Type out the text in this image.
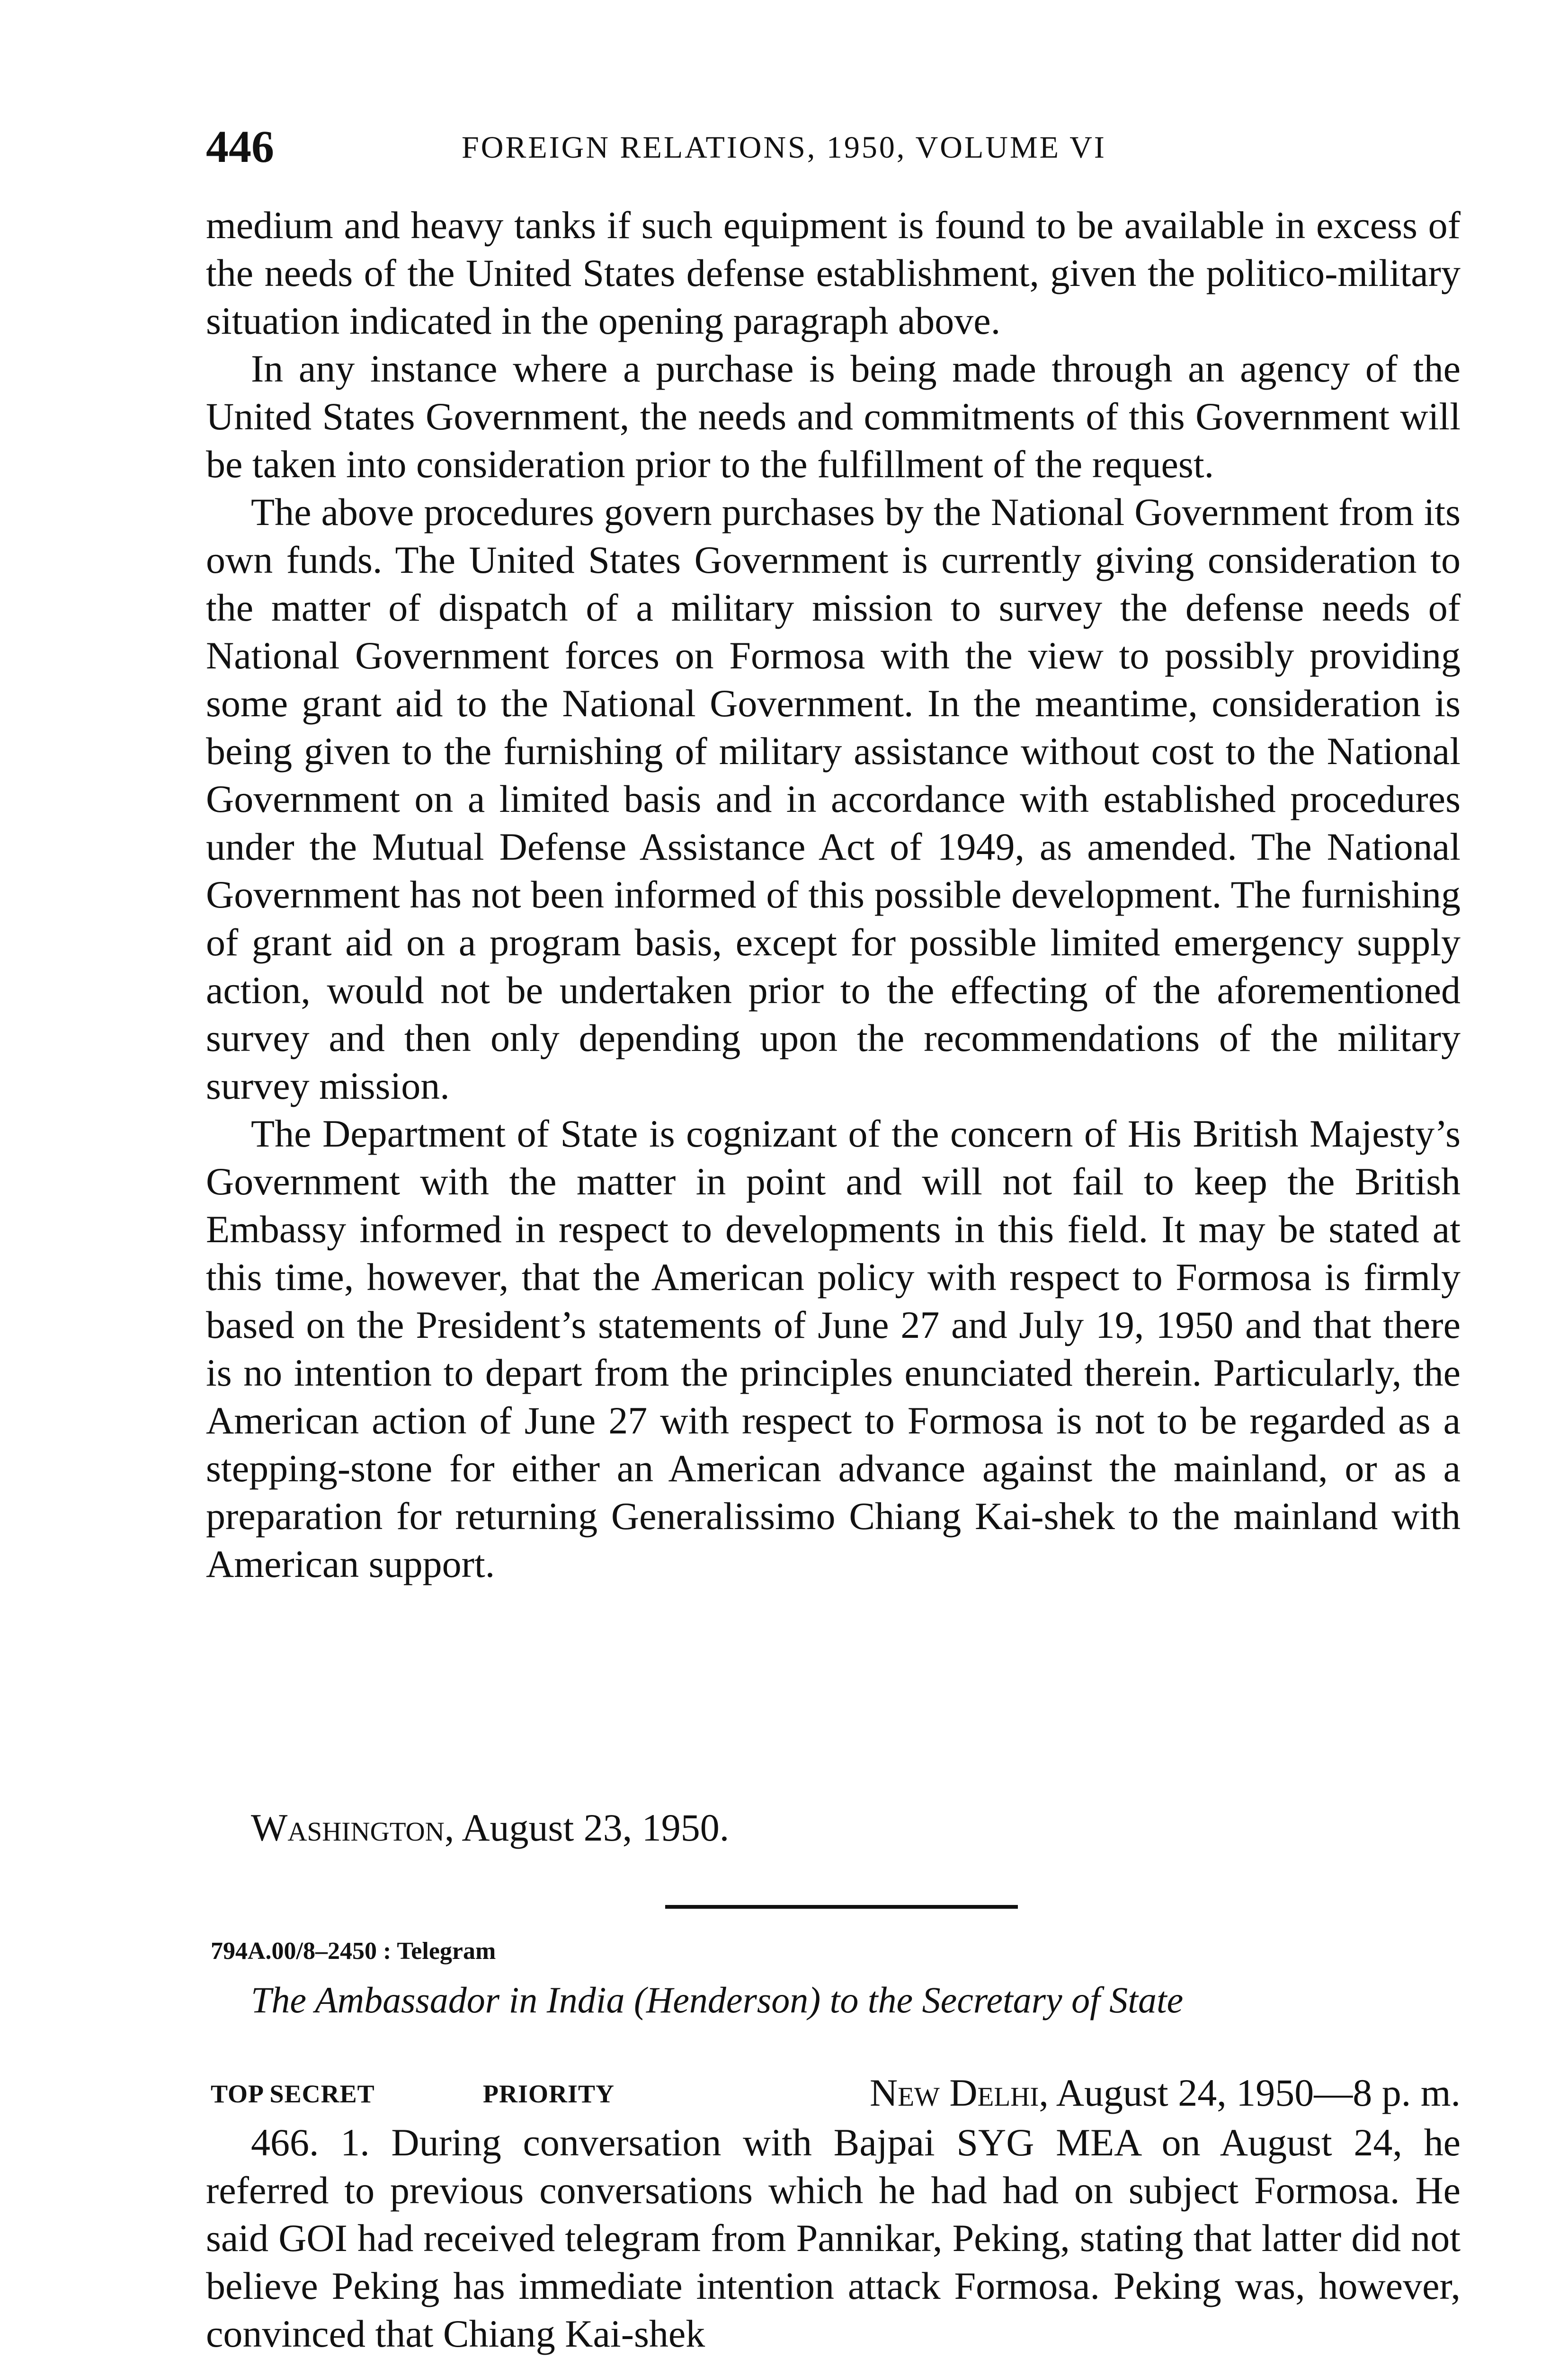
446	FOREIGN RELATIONS, 1950, VOLUME VI

medium and heavy tanks if such equipment is found to be available in excess of the needs of the United States defense establishment, given the politico-military situation indicated in the opening paragraph above.

In any instance where a purchase is being made through an agency of the United States Government, the needs and commitments of this Government will be taken into consideration prior to the fulfillment of the request.

The above procedures govern purchases by the National Government from its own funds. The United States Government is currently giving consideration to the matter of dispatch of a military mission to survey the defense needs of National Government forces on Formosa with the view to possibly providing some grant aid to the National Government. In the meantime, consideration is being given to the furnishing of military assistance without cost to the National Government on a limited basis and in accordance with established procedures under the Mutual Defense Assistance Act of 1949, as amended. The National Government has not been informed of this possible development. The furnishing of grant aid on a program basis, except for possible limited emergency supply action, would not be undertaken prior to the effecting of the aforementioned survey and then only depending upon the recommendations of the military survey mission.

The Department of State is cognizant of the concern of His British Majesty’s Government with the matter in point and will not fail to keep the British Embassy informed in respect to developments in this field. It may be stated at this time, however, that the American policy with respect to Formosa is firmly based on the President’s statements of June 27 and July 19, 1950 and that there is no intention to depart from the principles enunciated therein. Particularly, the American action of June 27 with respect to Formosa is not to be regarded as a stepping-stone for either an American advance against the mainland, or as a preparation for returning Generalissimo Chiang Kai-shek to the mainland with American support.

Washington, August 23, 1950.
794A.00/8–2450 : Telegram
The Ambassador in India (Henderson) to the Secretary of State
TOP SECRET	PRIORITY	New Delhi, August 24, 1950—8 p. m.

466. 1. During conversation with Bajpai SYG MEA on August 24, he referred to previous conversations which he had had on subject Formosa. He said GOI had received telegram from Pannikar, Peking, stating that latter did not believe Peking has immediate intention attack Formosa. Peking was, however, convinced that Chiang Kai-shek
